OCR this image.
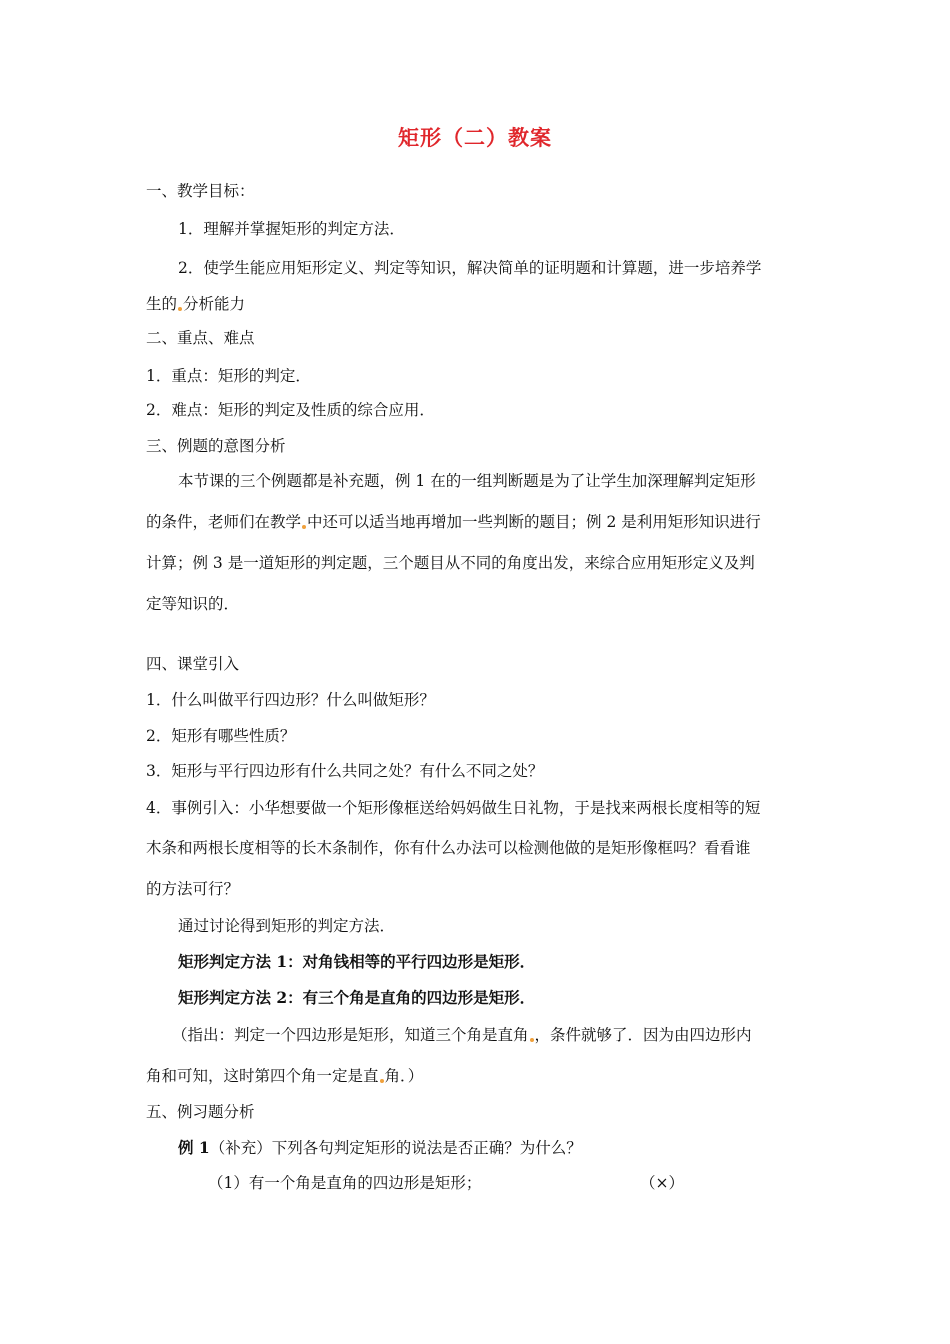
矩形（二）教案
一、教学目标：
1．理解并掌握矩形的判定方法．
2．使学生能应用矩形定义、判定等知识，解决简单的证明题和计算题，进一步培养学
生的 分析能力
二、重点、难点
1．重点：矩形的判定．
2．难点：矩形的判定及性质的综合应用．
三、例题的意图分析
本节课的三个例题都是补充题，例 1 在的一组判断题是为了让学生加深理解判定矩形
的条件，老师们在教学 中还可以适当地再增加一些判断的题目；例 2 是利用矩形知识进行
计算；例 3 是一道矩形的判定题，三个题目从不同的角度出发，来综合应用矩形定义及判
定等知识的．
四、课堂引入
1．什么叫做平行四边形？什么叫做矩形？
2．矩形有哪些性质？
3．矩形与平行四边形有什么共同之处？有什么不同之处？
4．事例引入：小华想要做一个矩形像框送给妈妈做生日礼物，于是找来两根长度相等的短
木条和两根长度相等的长木条制作，你有什么办法可以检测他做的是矩形像框吗？看看谁
的方法可行？
通过讨论得到矩形的判定方法．
矩形判定方法 1：对角钱相等的平行四边形是矩形．
矩形判定方法 2：有三个角是直角的四边形是矩形．
（指出：判定一个四边形是矩形，知道三个角是直角 ，条件就够了．因为由四边形内
角和可知，这时第四个角一定是直 角．）
五、例习题分析
例 1（补充）下列各句判定矩形的说法是否正确？为什么？
（1）有一个角是直角的四边形是矩形；	（×）
